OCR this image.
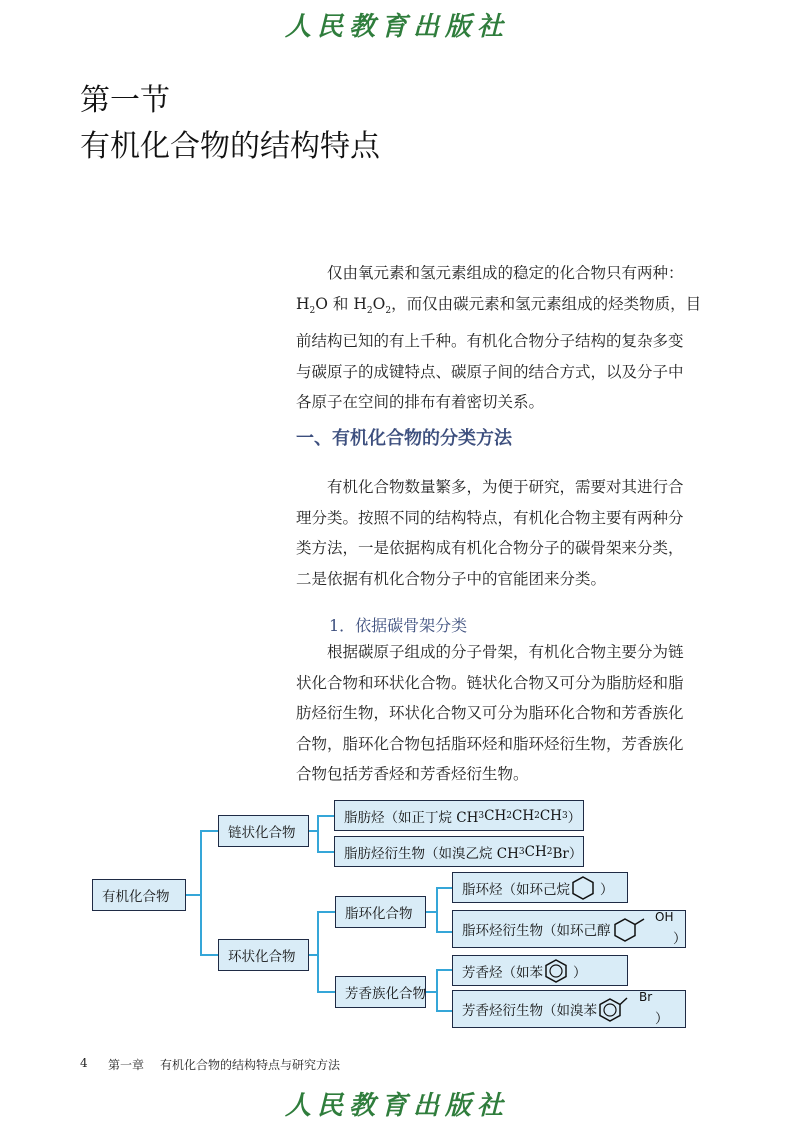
人民教育出版社
第一节
有机化合物的结构特点
仅由氧元素和氢元素组成的稳定的化合物只有两种：
$H_2O$ 和 $H_2O_2$，而仅由碳元素和氢元素组成的烃类物质，目
前结构已知的有上千种。有机化合物分子结构的复杂多变
与碳原子的成键特点、碳原子间的结合方式，以及分子中
各原子在空间的排布有着密切关系。
一、有机化合物的分类方法
有机化合物数量繁多，为便于研究，需要对其进行合
理分类。按照不同的结构特点，有机化合物主要有两种分
类方法，一是依据构成有机化合物分子的碳骨架来分类，
二是依据有机化合物分子中的官能团来分类。
1．依据碳骨架分类
根据碳原子组成的分子骨架，有机化合物主要分为链
状化合物和环状化合物。链状化合物又可分为脂肪烃和脂
肪烃衍生物，环状化合物又可分为脂环化合物和芳香族化
合物，脂环化合物包括脂环烃和脂环烃衍生物，芳香族化
合物包括芳香烃和芳香烃衍生物。
有机化合物
链状化合物
环状化合物
脂肪烃（如正丁烷 CH 3 CH 2 CH 2 CH 3 ）
脂肪烃衍生物（如溴乙烷 CH 3 CH 2 Br）
脂环化合物
芳香族化合物
脂环烃（如环己烷 ）
脂环烃衍生物（如环己醇
OH
）
芳香烃（如苯 ）
芳香烃衍生物（如溴苯
Br
）
4 第一章 有机化合物的结构特点与研究方法
人民教育出版社
